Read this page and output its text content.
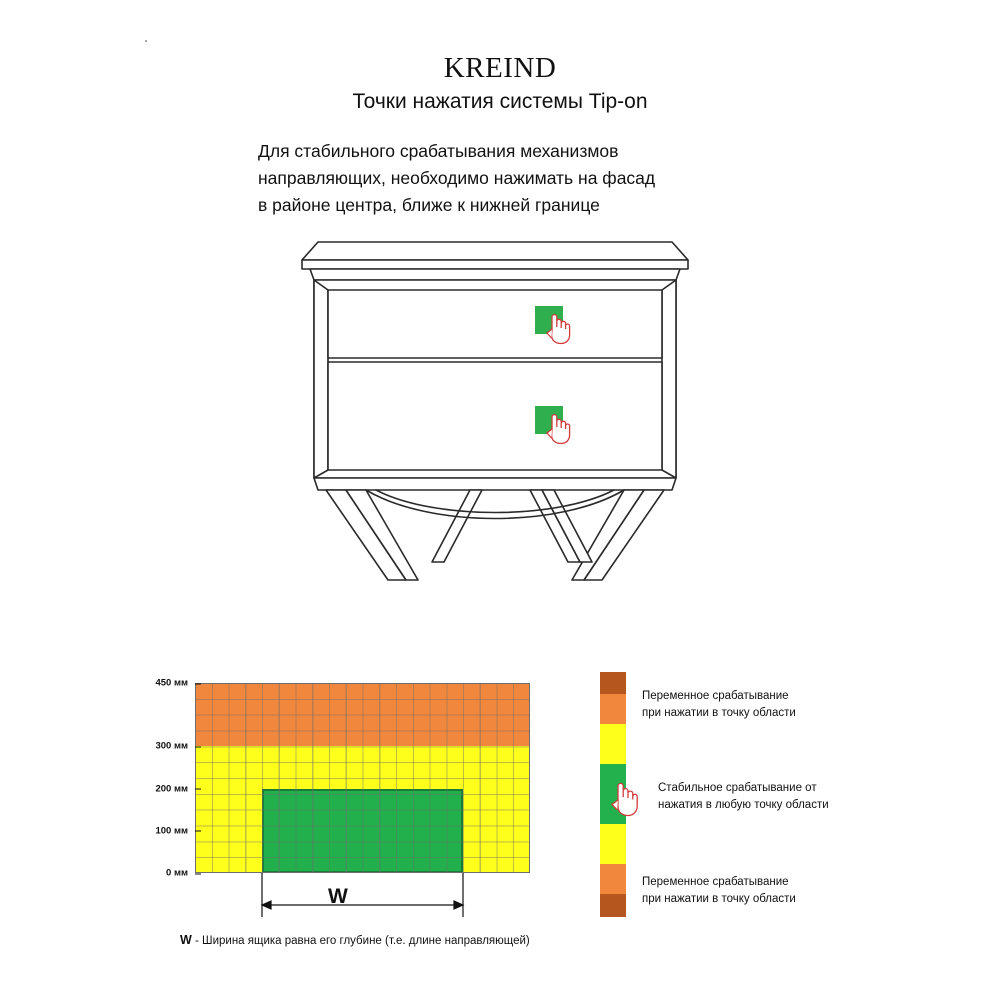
KREIND
Точки нажатия системы Tip-on
Для стабильного срабатывания механизмов
направляющих, необходимо нажимать на фасад
в районе центра, ближе к нижней границе
450 мм
300 мм
200 мм
100 мм
0 мм
W
W - Ширина ящика равна его глубине (т.е. длине направляющей)
Переменное срабатывание
при нажатии в точку области
Стабильное срабатывание от
нажатия в любую точку области
Переменное срабатывание
при нажатии в точку области
